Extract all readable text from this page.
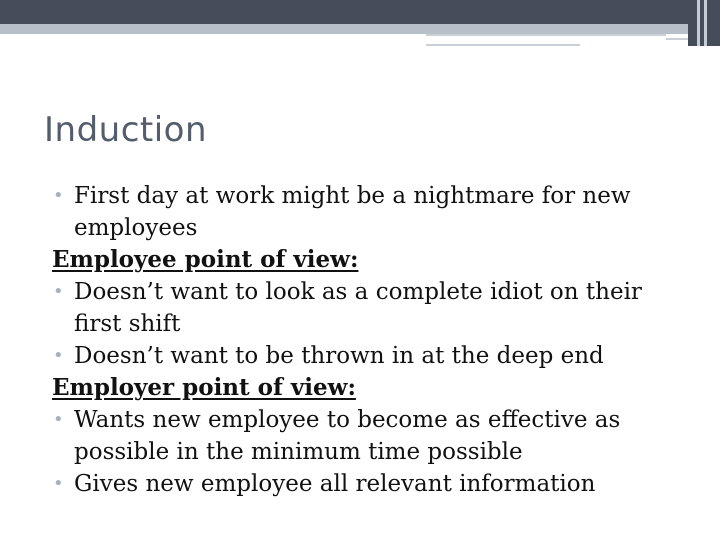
Induction

• First day at work might be a nightmare for new employees

Employee point of view:

• Doesn’t want to look as a complete idiot on their first shift

• Doesn’t want to be thrown in at the deep end

Employer point of view:

• Wants new employee to become as effective as possible in the minimum time possible

• Gives new employee all relevant information
